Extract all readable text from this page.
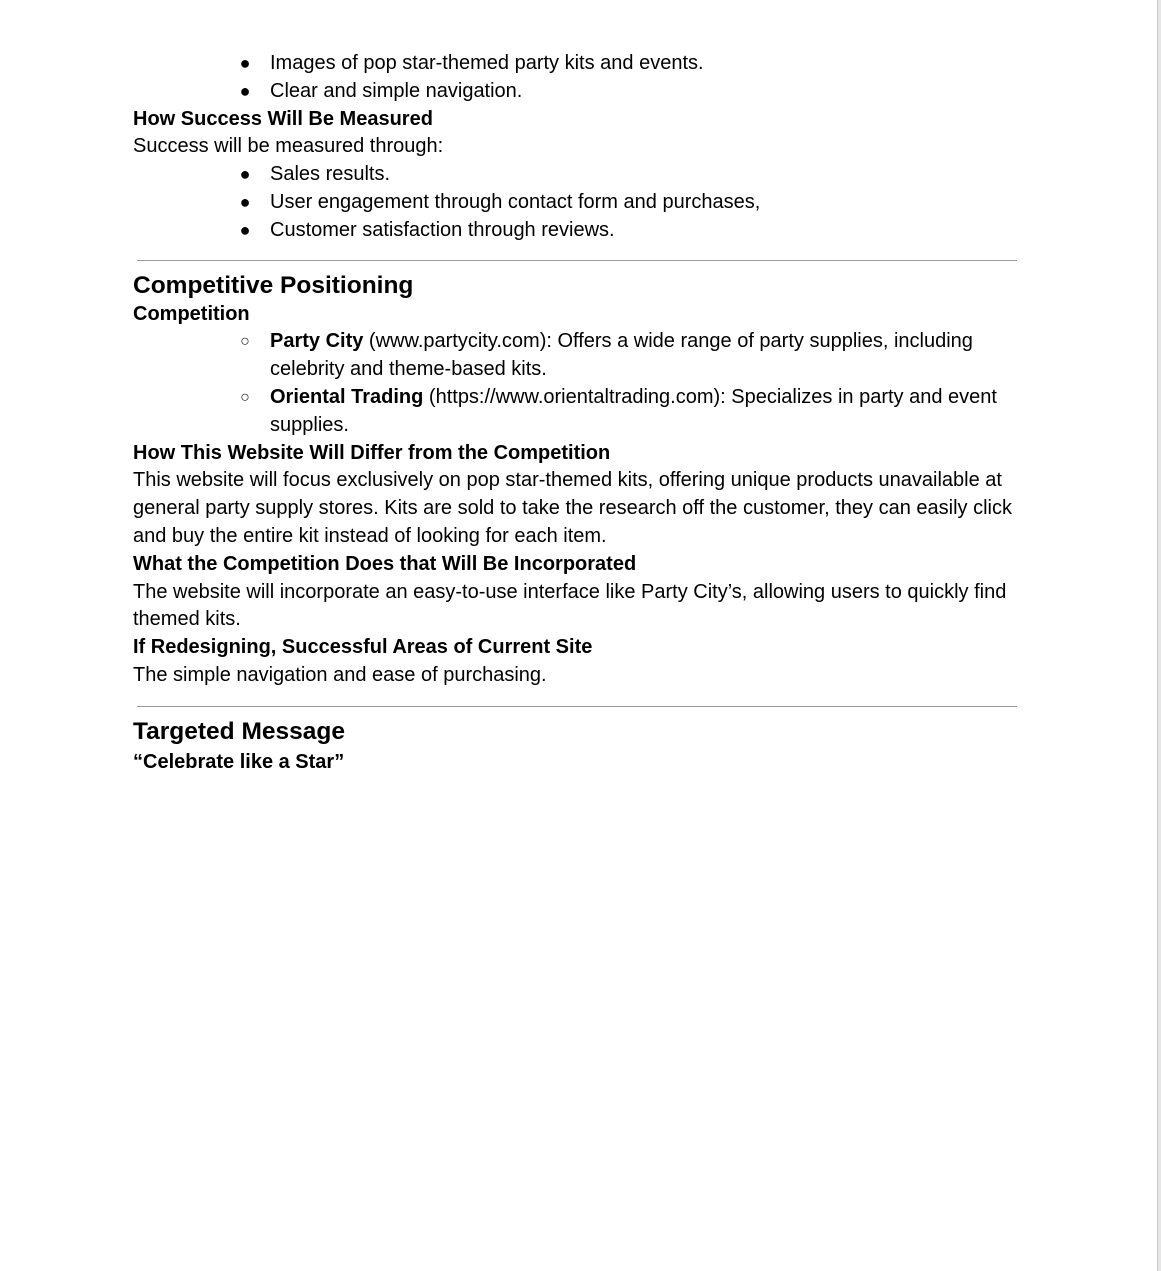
● Images of pop star-themed party kits and events.
● Clear and simple navigation.

How Success Will Be Measured

Success will be measured through:

● Sales results.
● User engagement through contact form and purchases,
● Customer satisfaction through reviews.
Competitive Positioning

Competition

○ Party City (www.partycity.com): Offers a wide range of party supplies, including celebrity and theme-based kits.
○ Oriental Trading (https://www.orientaltrading.com): Specializes in party and event supplies.

How This Website Will Differ from the Competition

This website will focus exclusively on pop star-themed kits, offering unique products unavailable at general party supply stores. Kits are sold to take the research off the customer, they can easily click and buy the entire kit instead of looking for each item.

What the Competition Does that Will Be Incorporated

The website will incorporate an easy-to-use interface like Party City’s, allowing users to quickly find themed kits.

If Redesigning, Successful Areas of Current Site

The simple navigation and ease of purchasing.

Targeted Message

“Celebrate like a Star”
